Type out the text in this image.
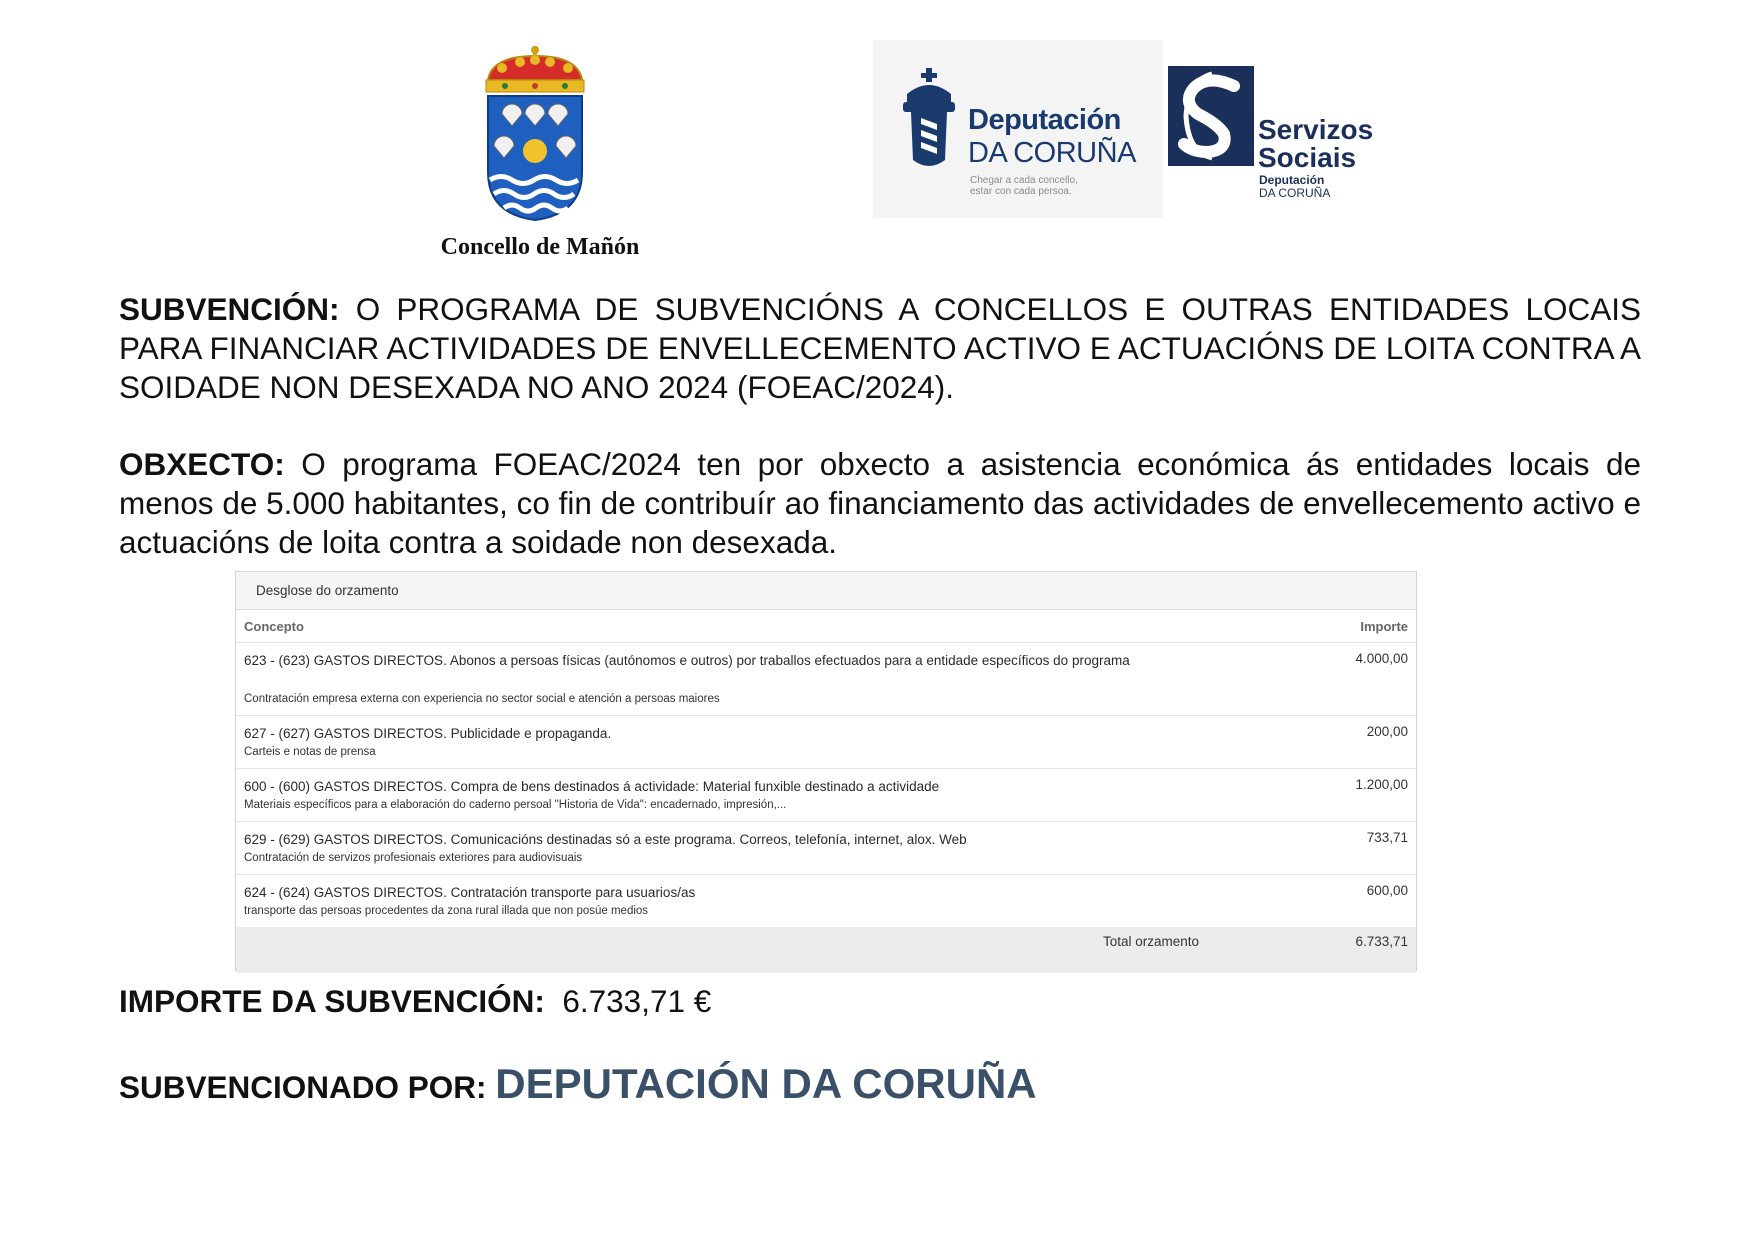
Concello de Mañón
Deputación
DA CORUÑA
Chegar a cada concello,
estar con cada persoa.
Servizos
Sociais
Deputación
DA CORUÑA
SUBVENCIÓN: O PROGRAMA DE SUBVENCIÓNS A CONCELLOS E OUTRAS ENTIDADES LOCAIS PARA FINANCIAR ACTIVIDADES DE ENVELLECEMENTO ACTIVO E ACTUACIÓNS DE LOITA CONTRA A SOIDADE NON DESEXADA NO ANO 2024 (FOEAC/2024).
OBXECTO: O programa FOEAC/2024 ten por obxecto a asistencia económica ás entidades locais de menos de 5.000 habitantes, co fin de contribuír ao financiamento das actividades de envellecemento activo e actuacións de loita contra a soidade non desexada.
Desglose do orzamento
Concepto	Importe
623 - (623) GASTOS DIRECTOS. Abonos a persoas físicas (autónomos e outros) por traballos efectuados para a entidade específicos do programa
Contratación empresa externa con experiencia no sector social e atención a persoas maiores
4.000,00
627 - (627) GASTOS DIRECTOS. Publicidade e propaganda.
Carteis e notas de prensa
200,00
600 - (600) GASTOS DIRECTOS. Compra de bens destinados á actividade: Material funxible destinado a actividade
Materiais específicos para a elaboración do caderno persoal "Historia de Vida": encadernado, impresión,...
1.200,00
629 - (629) GASTOS DIRECTOS. Comunicacións destinadas só a este programa. Correos, telefonía, internet, alox. Web
Contratación de servizos profesionais exteriores para audiovisuais
733,71
624 - (624) GASTOS DIRECTOS. Contratación transporte para usuarios/as
transporte das persoas procedentes da zona rural illada que non posúe medios
600,00
Total orzamento	6.733,71
IMPORTE DA SUBVENCIÓN: 6.733,71 €
SUBVENCIONADO POR: DEPUTACIÓN DA CORUÑA
